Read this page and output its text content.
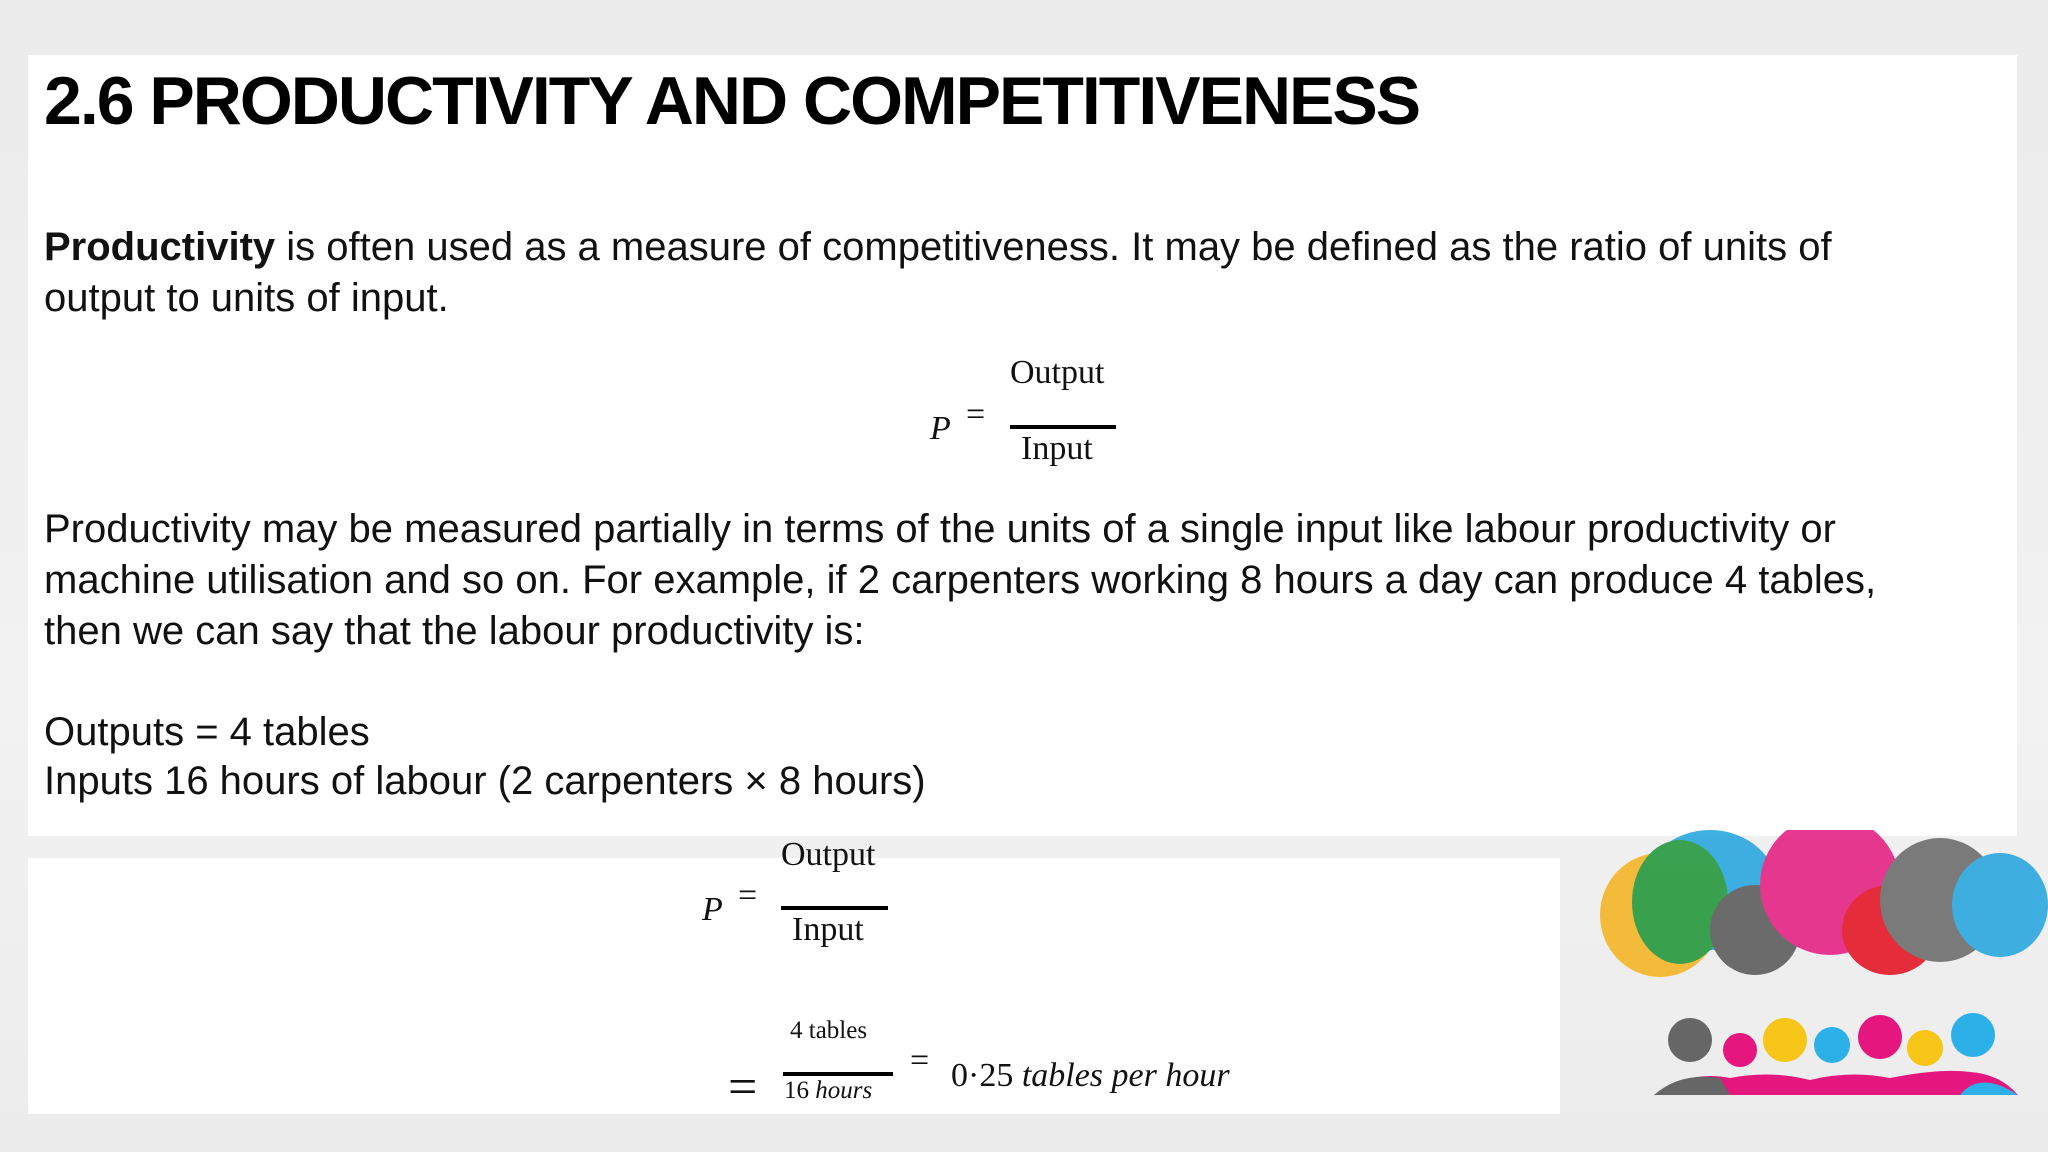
2.6 PRODUCTIVITY AND COMPETITIVENESS
Productivity is often used as a measure of competitiveness. It may be defined as the ratio of units of
output to units of input.
P =
Output
Input
Productivity may be measured partially in terms of the units of a single input like labour productivity or
machine utilisation and so on. For example, if 2 carpenters working 8 hours a day can produce 4 tables,
then we can say that the labour productivity is:
Outputs = 4 tables
Inputs 16 hours of labour (2 carpenters × 8 hours)
P =
Output
Input
=
4 tables
16 hours
= 0·25 tables per hour
